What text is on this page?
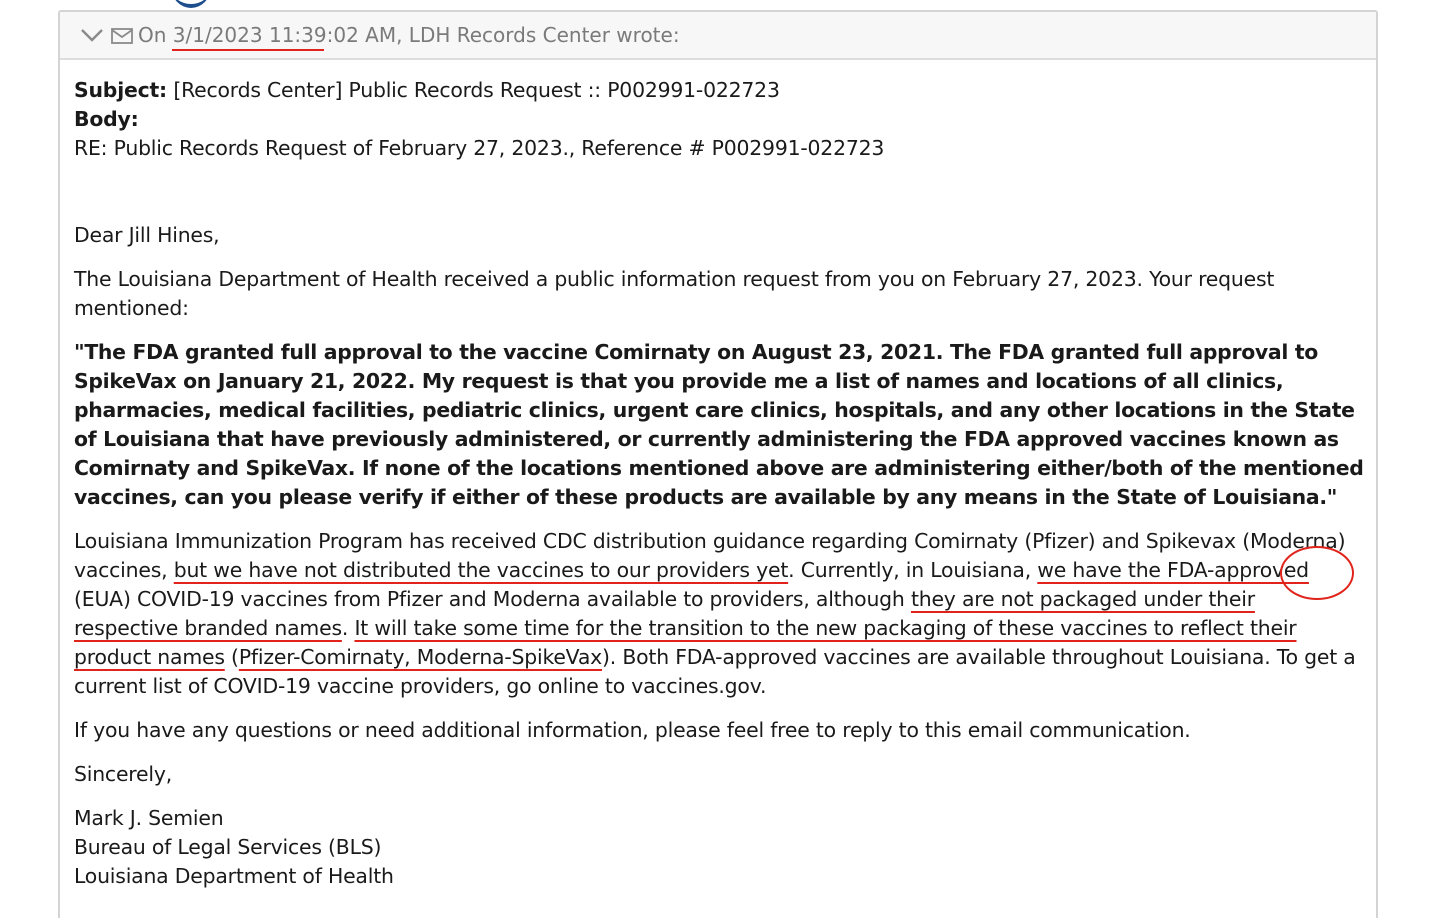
On
3/1/2023
11:39 :02 AM, LDH Records Center wrote:

Subject: [Records Center] Public Records Request :: P002991-022723

Body:

RE: Public Records Request of February 27, 2023., Reference # P002991-022723

Dear Jill Hines,

The Louisiana Department of Health received a public information request from you on February 27, 2023. Your request mentioned:

"The FDA granted full approval to the vaccine Comirnaty on August 23, 2021. The FDA granted full approval to SpikeVax on January 21, 2022. My request is that you provide me a list of names and locations of all clinics, pharmacies, medical facilities, pediatric clinics, urgent care clinics, hospitals, and any other locations in the State of Louisiana that have previously administered, or currently administering the FDA approved vaccines known as Comirnaty and SpikeVax. If none of the locations mentioned above are administering either/both of the mentioned vaccines, can you please verify if either of these products are available by any means in the State of Louisiana."

Louisiana Immunization Program has received CDC distribution guidance regarding Comirnaty (Pfizer) and Spikevax (Moderna) vaccines, but we have not distributed the vaccines to our providers yet. Currently, in Louisiana, we have the FDA-approved (EUA) COVID-19 vaccines from Pfizer and Moderna available to providers, although they are not packaged under their respective branded names. It will take some time for the transition to the new packaging of these vaccines to reflect their product names (Pfizer-Comirnaty, Moderna-SpikeVax). Both FDA-approved vaccines are available throughout Louisiana. To get a current list of COVID-19 vaccine providers, go online to vaccines.gov.

If you have any questions or need additional information, please feel free to reply to this email communication.

Sincerely,

Mark J. Semien

Bureau of Legal Services (BLS)

Louisiana Department of Health
